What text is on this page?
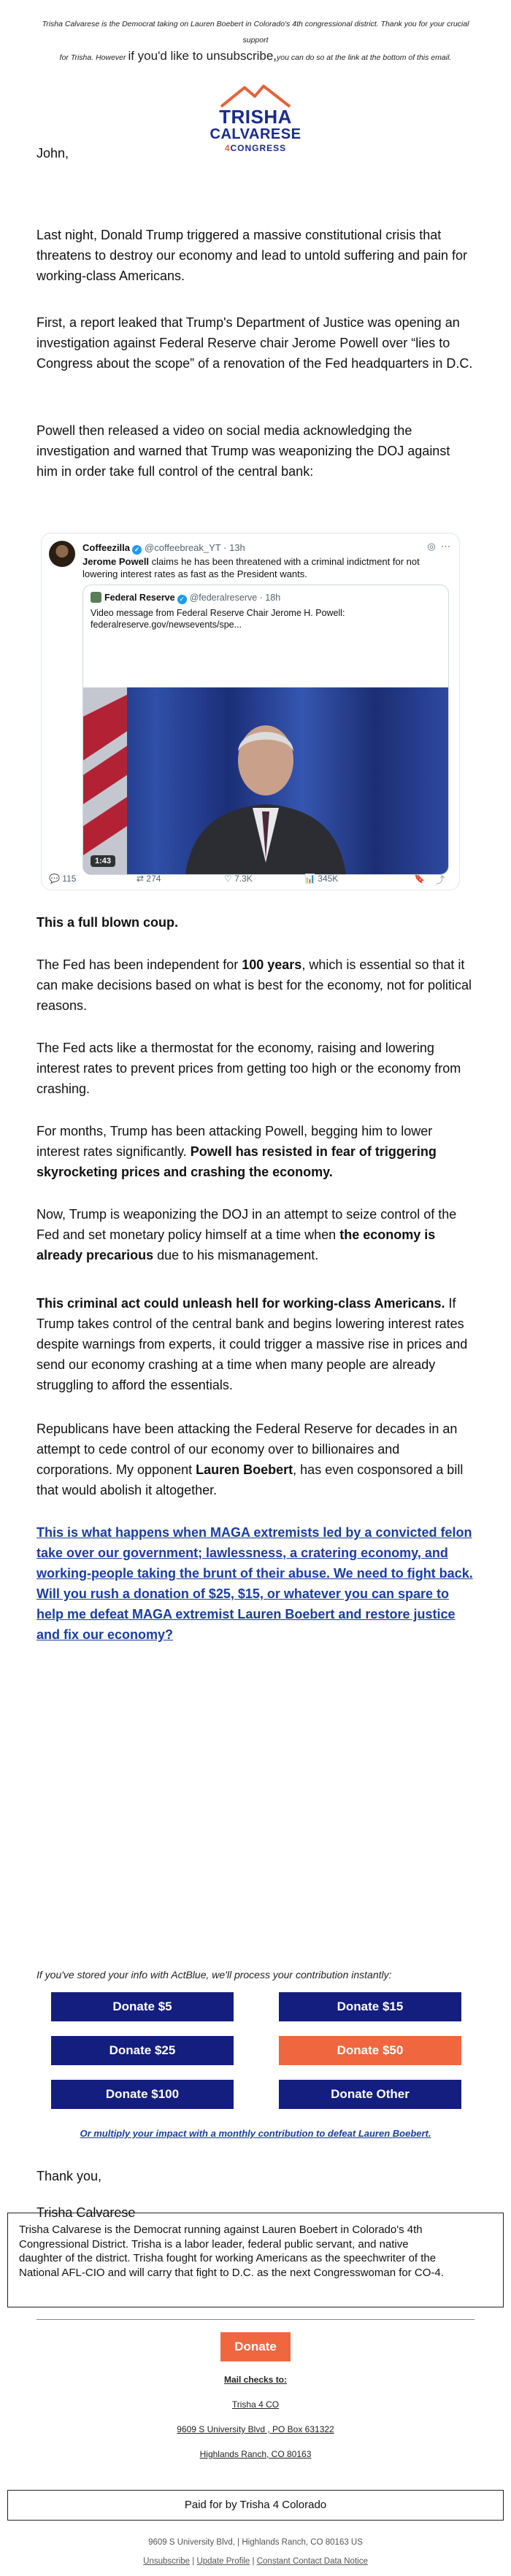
Trisha Calvarese is the Democrat taking on Lauren Boebert in Colorado's 4th congressional district. Thank you for your crucial support
for Trisha. However if you'd like to unsubscribe,you can do so at the link at the bottom of this email.
TRISHA
CALVARESE
4CONGRESS
John,
Last night, Donald Trump triggered a massive constitutional crisis that threatens to destroy our economy and lead to untold suffering and pain for working-class Americans.
First, a report leaked that Trump's Department of Justice was opening an investigation against Federal Reserve chair Jerome Powell over “lies to Congress about the scope” of a renovation of the Fed headquarters in D.C.
Powell then released a video on social media acknowledging the investigation and warned that Trump was weaponizing the DOJ against him in order take full control of the central bank:
Coffeezilla ✓ @coffeebreak_YT · 13h	◎ ⋯
Jerome Powell claims he has been threatened with a criminal indictment for not lowering interest rates as fast as the President wants.
Federal Reserve ✓ @federalreserve · 18h
Video message from Federal Reserve Chair Jerome H. Powell:
federalreserve.gov/newsevents/spe...
1:43
💬 115	⇄ 274	♡ 7.3K	📊 345K	🔖 ⤴
This a full blown coup.
The Fed has been independent for 100 years, which is essential so that it can make decisions based on what is best for the economy, not for political reasons.
The Fed acts like a thermostat for the economy, raising and lowering interest rates to prevent prices from getting too high or the economy from crashing.
For months, Trump has been attacking Powell, begging him to lower interest rates significantly. Powell has resisted in fear of triggering skyrocketing prices and crashing the economy.
Now, Trump is weaponizing the DOJ in an attempt to seize control of the Fed and set monetary policy himself at a time when the economy is already precarious due to his mismanagement.
This criminal act could unleash hell for working-class Americans. If Trump takes control of the central bank and begins lowering interest rates despite warnings from experts, it could trigger a massive rise in prices and send our economy crashing at a time when many people are already struggling to afford the essentials.
Republicans have been attacking the Federal Reserve for decades in an attempt to cede control of our economy over to billionaires and corporations. My opponent Lauren Boebert, has even cosponsored a bill that would abolish it altogether.
This is what happens when MAGA extremists led by a convicted felon take over our government; lawlessness, a cratering economy, and working-people taking the brunt of their abuse. We need to fight back. Will you rush a donation of $25, $15, or whatever you can spare to help me defeat MAGA extremist Lauren Boebert and restore justice and fix our economy?
If you've stored your info with ActBlue, we'll process your contribution instantly:
Donate $5	Donate $15
Donate $25	Donate $50
Donate $100	Donate Other
Or multiply your impact with a monthly contribution to defeat Lauren Boebert.
Thank you,
Trisha Calvarese
Trisha Calvarese is the Democrat running against Lauren Boebert in Colorado's 4th Congressional District. Trisha is a labor leader, federal public servant, and native daughter of the district. Trisha fought for working Americans as the speechwriter of the National AFL-CIO and will carry that fight to D.C. as the next Congresswoman for CO-4.
Donate
Mail checks to:
Trisha 4 CO
9609 S University Blvd , PO Box 631322
Highlands Ranch, CO 80163
Paid for by Trisha 4 Colorado
9609 S University Blvd, | Highlands Ranch, CO 80163 US
Unsubscribe | Update Profile | Constant Contact Data Notice
